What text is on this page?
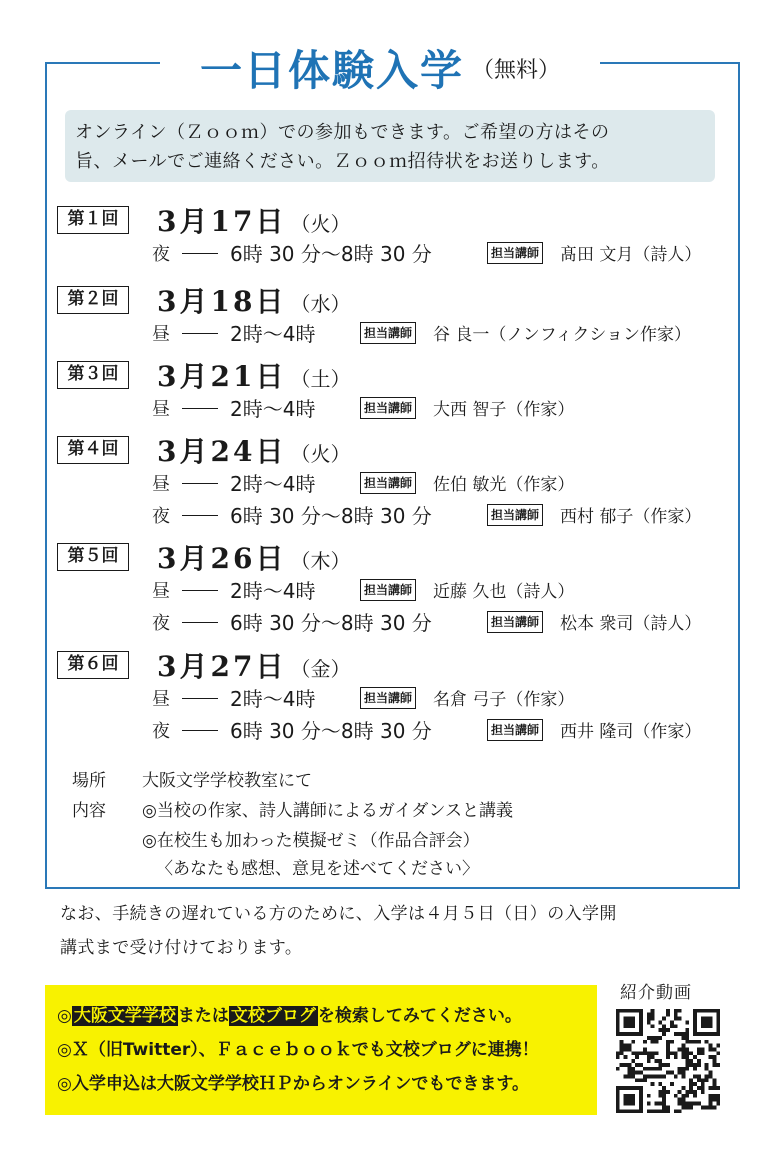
一日体験入学 （無料）
オンライン（Ｚｏｏｍ）での参加もできます。ご希望の方はその
旨、メールでご連絡ください。Ｚｏｏｍ招待状をお送りします。
第１回	3月17日 （火）
夜	6時 30 分〜8時 30 分	担当講師 髙田 文月（詩人）
第２回	3月18日 （水）
昼	2時〜4時	担当講師 谷 良一（ノンフィクション作家）
第３回	3月21日 （土）
昼	2時〜4時	担当講師 大西 智子（作家）
第４回	3月24日 （火）
昼	2時〜4時	担当講師 佐伯 敏光（作家）
夜	6時 30 分〜8時 30 分	担当講師 西村 郁子（作家）
第５回	3月26日 （木）
昼	2時〜4時	担当講師 近藤 久也（詩人）
夜	6時 30 分〜8時 30 分	担当講師 松本 衆司（詩人）
第６回	3月27日 （金）
昼	2時〜4時	担当講師 名倉 弓子（作家）
夜	6時 30 分〜8時 30 分	担当講師 西井 隆司（作家）
場所 大阪文学学校教室にて
内容 ◎当校の作家、詩人講師によるガイダンスと講義
◎在校生も加わった模擬ゼミ（作品合評会）
〈あなたも感想、意見を述べてください〉
なお、手続きの遅れている方のために、入学は４月５日（日）の入学開
講式まで受け付けております。
◎ 大阪文学学校 または 文校ブログ を検索してみてください。
◎Ｘ（旧Twitter）、Ｆａｃｅｂｏｏｋでも文校ブログに連携！
◎入学申込は大阪文学学校ＨＰからオンラインでもできます。
紹介動画
